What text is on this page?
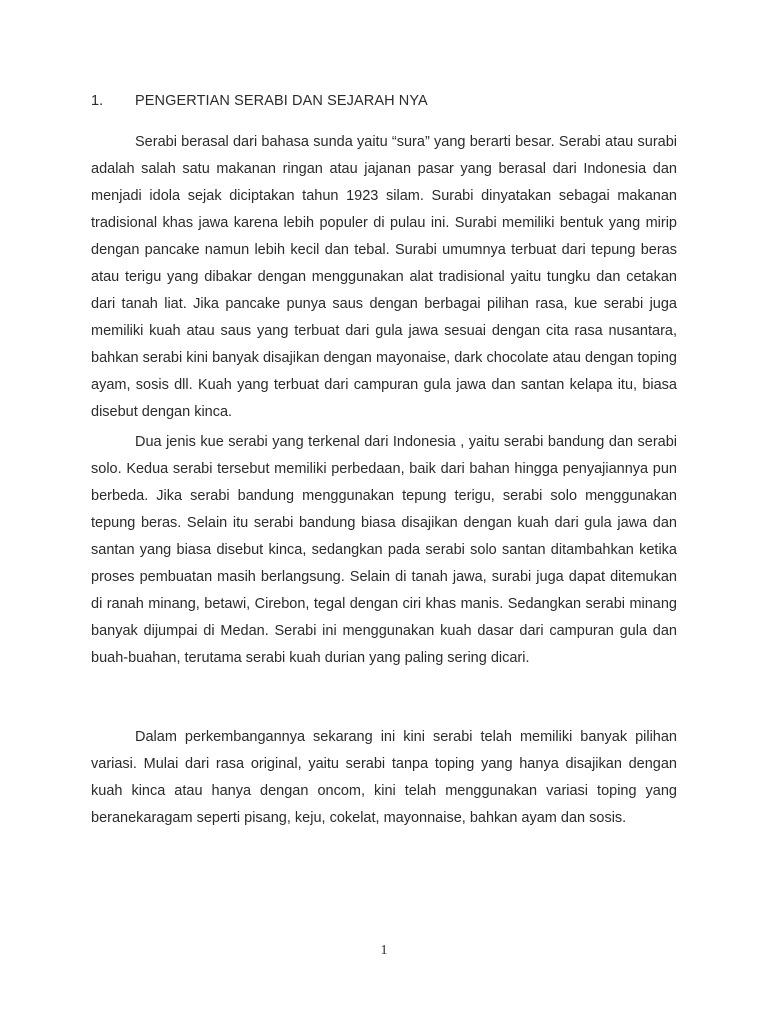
1. PENGERTIAN SERABI DAN SEJARAH NYA

Serabi berasal dari bahasa sunda yaitu “sura” yang berarti besar. Serabi atau surabi adalah salah satu makanan ringan atau jajanan pasar yang berasal dari Indonesia dan menjadi idola sejak diciptakan tahun 1923 silam. Surabi dinyatakan sebagai makanan tradisional khas jawa karena lebih populer di pulau ini. Surabi memiliki bentuk yang mirip dengan pancake namun lebih kecil dan tebal. Surabi umumnya terbuat dari tepung beras atau terigu yang dibakar dengan menggunakan alat tradisional yaitu tungku dan cetakan dari tanah liat. Jika pancake punya saus dengan berbagai pilihan rasa, kue serabi juga memiliki kuah atau saus yang terbuat dari gula jawa sesuai dengan cita rasa nusantara, bahkan serabi kini banyak disajikan dengan mayonaise, dark chocolate atau dengan toping ayam, sosis dll. Kuah yang terbuat dari campuran gula jawa dan santan kelapa itu, biasa disebut dengan kinca.

Dua jenis kue serabi yang terkenal dari Indonesia , yaitu serabi bandung dan serabi solo. Kedua serabi tersebut memiliki perbedaan, baik dari bahan hingga penyajiannya pun berbeda. Jika serabi bandung menggunakan tepung terigu, serabi solo menggunakan tepung beras. Selain itu serabi bandung biasa disajikan dengan kuah dari gula jawa dan santan yang biasa disebut kinca, sedangkan pada serabi solo santan ditambahkan ketika proses pembuatan masih berlangsung. Selain di tanah jawa, surabi juga dapat ditemukan di ranah minang, betawi, Cirebon, tegal dengan ciri khas manis. Sedangkan serabi minang banyak dijumpai di Medan. Serabi ini menggunakan kuah dasar dari campuran gula dan buah-buahan, terutama serabi kuah durian yang paling sering dicari.

Dalam perkembangannya sekarang ini kini serabi telah memiliki banyak pilihan variasi. Mulai dari rasa original, yaitu serabi tanpa toping yang hanya disajikan dengan kuah kinca atau hanya dengan oncom, kini telah menggunakan variasi toping yang beranekaragam seperti pisang, keju, cokelat, mayonnaise, bahkan ayam dan sosis.

1
